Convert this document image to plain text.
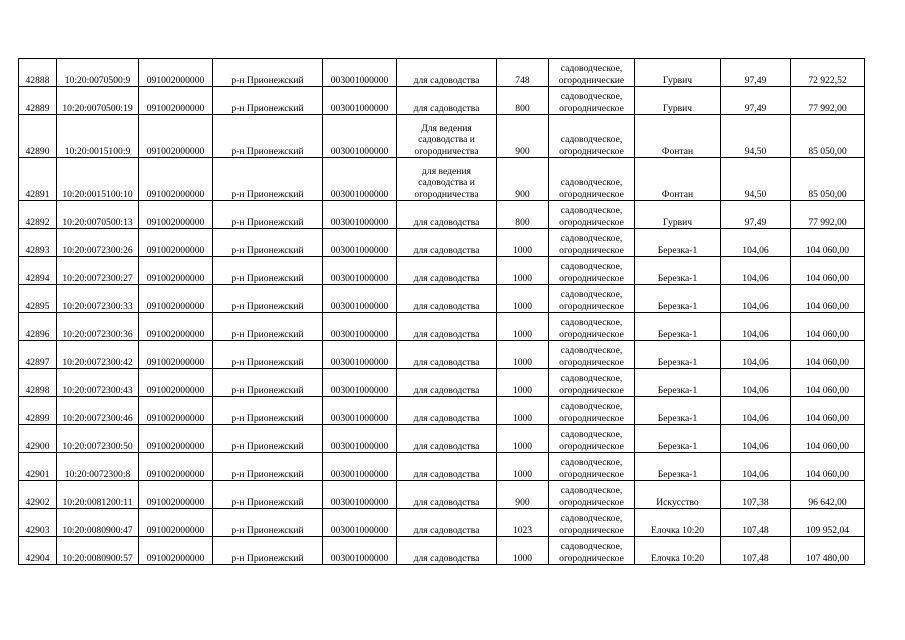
42888	10:20:0070500:9	091002000000	р-н Прионежский	003001000000	для садоводства	748	садоводческое, огороднические	Гурвич	97,49	72 922,52
42889	10:20:0070500:19	091002000000	р-н Прионежский	003001000000	для садоводства	800	садоводческое, огородническое	Гурвич	97,49	77 992,00
42890	10:20:0015100:9	091002000000	р-н Прионежский	003001000000	Для ведения садоводства и огородничества	900	садоводческое, огородническое	Фонтан	94,50	85 050,00
42891	10:20:0015100:10	091002000000	р-н Прионежский	003001000000	для ведения садоводства и огородничества	900	садоводческое, огородническое	Фонтан	94,50	85 050,00
42892	10:20:0070500:13	091002000000	р-н Прионежский	003001000000	для садоводства	800	садоводческое, огородническое	Гурвич	97,49	77 992,00
42893	10:20:0072300:26	091002000000	р-н Прионежский	003001000000	для садоводства	1000	садоводческое, огородническое	Березка-1	104,06	104 060,00
42894	10:20:0072300:27	091002000000	р-н Прионежский	003001000000	для садоводства	1000	садоводческое, огородническое	Березка-1	104,06	104 060,00
42895	10:20:0072300:33	091002000000	р-н Прионежский	003001000000	для садоводства	1000	садоводческое, огородническое	Березка-1	104,06	104 060,00
42896	10:20:0072300:36	091002000000	р-н Прионежский	003001000000	для садоводства	1000	садоводческое, огородническое	Березка-1	104,06	104 060,00
42897	10:20:0072300:42	091002000000	р-н Прионежский	003001000000	для садоводства	1000	садоводческое, огородническое	Березка-1	104,06	104 060,00
42898	10:20:0072300:43	091002000000	р-н Прионежский	003001000000	для садоводства	1000	садоводческое, огородническое	Березка-1	104,06	104 060,00
42899	10:20:0072300:46	091002000000	р-н Прионежский	003001000000	для садоводства	1000	садоводческое, огородническое	Березка-1	104,06	104 060,00
42900	10:20:0072300:50	091002000000	р-н Прионежский	003001000000	для садоводства	1000	садоводческое, огородническое	Березка-1	104,06	104 060,00
42901	10:20:0072300:8	091002000000	р-н Прионежский	003001000000	для садоводства	1000	садоводческое, огородническое	Березка-1	104,06	104 060,00
42902	10:20:0081200:11	091002000000	р-н Прионежский	003001000000	для садоводства	900	садоводческое, огородническое	Искусство	107,38	96 642,00
42903	10:20:0080900:47	091002000000	р-н Прионежский	003001000000	для садоводства	1023	садоводческое, огородническое	Елочка 10:20	107,48	109 952,04
42904	10:20:0080900:57	091002000000	р-н Прионежский	003001000000	для садоводства	1000	садоводческое, огородническое	Елочка 10:20	107,48	107 480,00
